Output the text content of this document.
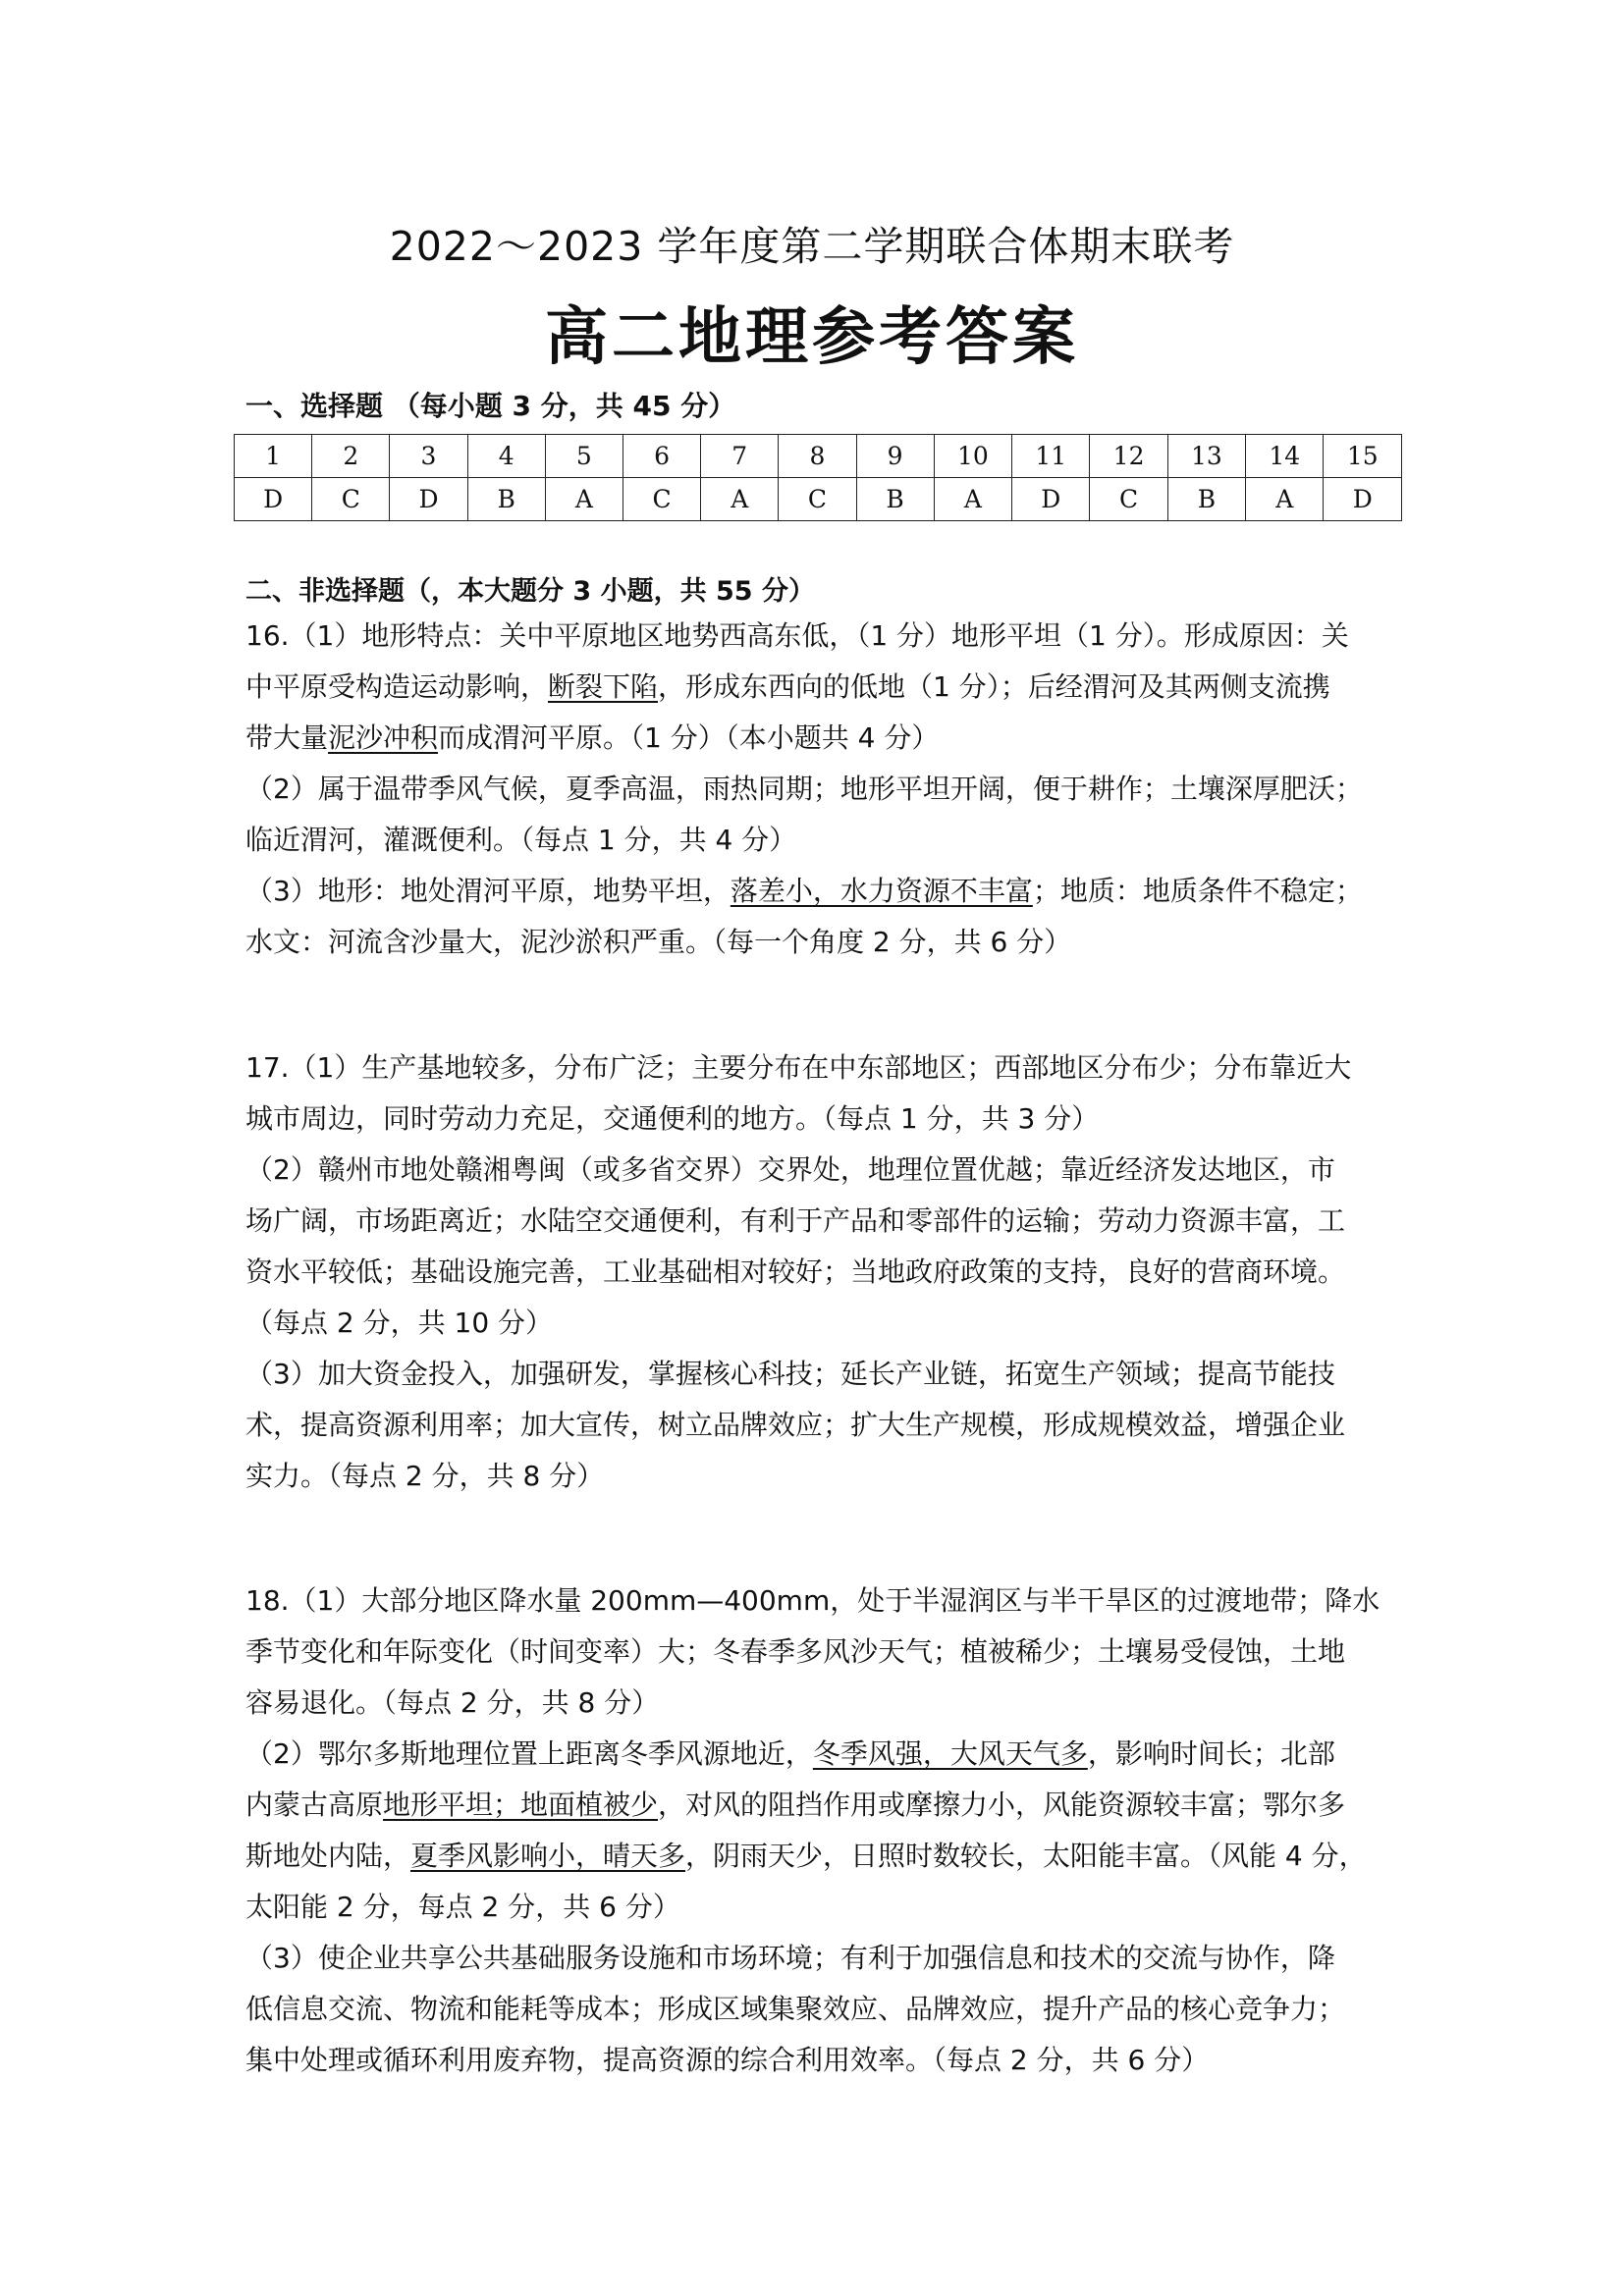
2022～2023 学年度第二学期联合体期末联考
高二地理参考答案
一、选择题 （每小题 3 分，共 45 分）
1	2	3	4	5	6	7	8	9	10	11	12	13	14	15
D	C	D	B	A	C	A	C	B	A	D	C	B	A	D
二、非选择题（，本大题分 3 小题，共 55 分）
16.（1）地形特点：关中平原地区地势西高东低，（1 分）地形平坦（1 分）。形成原因：关
中平原受构造运动影响，断裂下陷，形成东西向的低地（1 分）；后经渭河及其两侧支流携
带大量泥沙冲积而成渭河平原。（1 分）（本小题共 4 分）
（2）属于温带季风气候，夏季高温，雨热同期；地形平坦开阔，便于耕作；土壤深厚肥沃；
临近渭河，灌溉便利。（每点 1 分，共 4 分）
（3）地形：地处渭河平原，地势平坦，落差小，水力资源不丰富；地质：地质条件不稳定；
水文：河流含沙量大，泥沙淤积严重。（每一个角度 2 分，共 6 分）
17.（1）生产基地较多，分布广泛；主要分布在中东部地区；西部地区分布少；分布靠近大
城市周边，同时劳动力充足，交通便利的地方。（每点 1 分，共 3 分）
（2）赣州市地处赣湘粤闽（或多省交界）交界处，地理位置优越；靠近经济发达地区，市
场广阔，市场距离近；水陆空交通便利，有利于产品和零部件的运输；劳动力资源丰富，工
资水平较低；基础设施完善，工业基础相对较好；当地政府政策的支持，良好的营商环境。
（每点 2 分，共 10 分）
（3）加大资金投入，加强研发，掌握核心科技；延长产业链，拓宽生产领域；提高节能技
术，提高资源利用率；加大宣传，树立品牌效应；扩大生产规模，形成规模效益，增强企业
实力。（每点 2 分，共 8 分）
18.（1）大部分地区降水量 200mm—400mm，处于半湿润区与半干旱区的过渡地带；降水
季节变化和年际变化（时间变率）大；冬春季多风沙天气；植被稀少；土壤易受侵蚀，土地
容易退化。（每点 2 分，共 8 分）
（2）鄂尔多斯地理位置上距离冬季风源地近，冬季风强，大风天气多，影响时间长；北部
内蒙古高原地形平坦；地面植被少，对风的阻挡作用或摩擦力小，风能资源较丰富；鄂尔多
斯地处内陆，夏季风影响小，晴天多，阴雨天少，日照时数较长，太阳能丰富。（风能 4 分，
太阳能 2 分，每点 2 分，共 6 分）
（3）使企业共享公共基础服务设施和市场环境；有利于加强信息和技术的交流与协作，降
低信息交流、物流和能耗等成本；形成区域集聚效应、品牌效应，提升产品的核心竞争力；
集中处理或循环利用废弃物，提高资源的综合利用效率。（每点 2 分，共 6 分）
